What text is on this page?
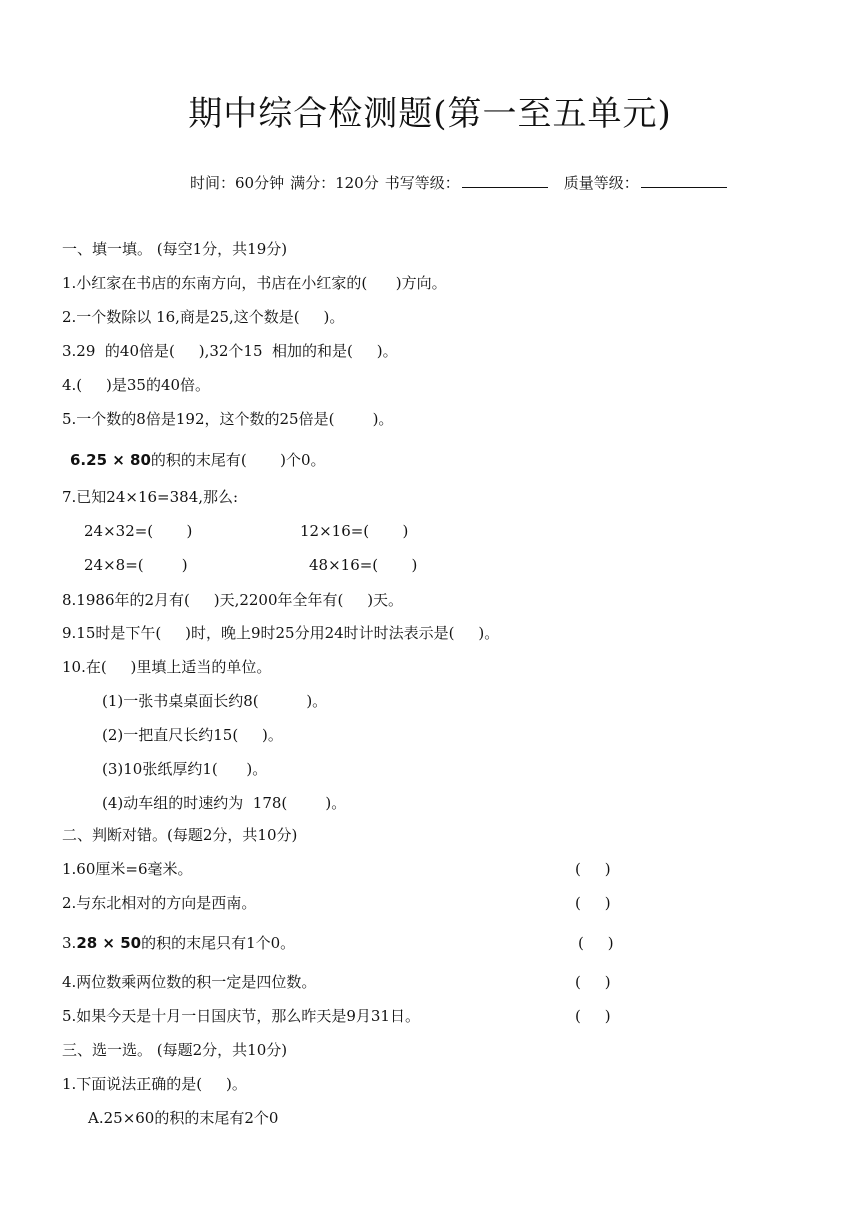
期中综合检测题(第一至五单元)
时间：60分钟 满分：120分 书写等级：	质量等级：
一、填一填。 (每空1分，共19分)
1.小红家在书店的东南方向，书店在小红家的(      )方向。
2.一个数除以 16,商是25,这个数是(     )。
3.29  的40倍是(     ),32个15  相加的和是(     )。
4.(     )是35的40倍。
5.一个数的8倍是192，这个数的25倍是(        )。
6.25 × 80的积的末尾有(       )个0。
7.已知24×16=384,那么:
24×32=(       )	12×16=(       )
24×8=(        )	48×16=(       )
8.1986年的2月有(     )天,2200年全年有(     )天。
9.15时是下午(     )时，晚上9时25分用24时计时法表示是(     )。
10.在(     )里填上适当的单位。
(1)一张书桌桌面长约8(          )。
(2)一把直尺长约15(     )。
(3)10张纸厚约1(      )。
(4)动车组的时速约为  178(        )。
二、判断对错。(每题2分，共10分)
1.60厘米=6毫米。	(     )
2.与东北相对的方向是西南。	(     )
3.28 × 50的积的末尾只有1个0。	(     )
4.两位数乘两位数的积一定是四位数。	(     )
5.如果今天是十月一日国庆节，那么昨天是9月31日。	(     )
三、选一选。 (每题2分，共10分)
1.下面说法正确的是(     )。
A.25×60的积的末尾有2个0
